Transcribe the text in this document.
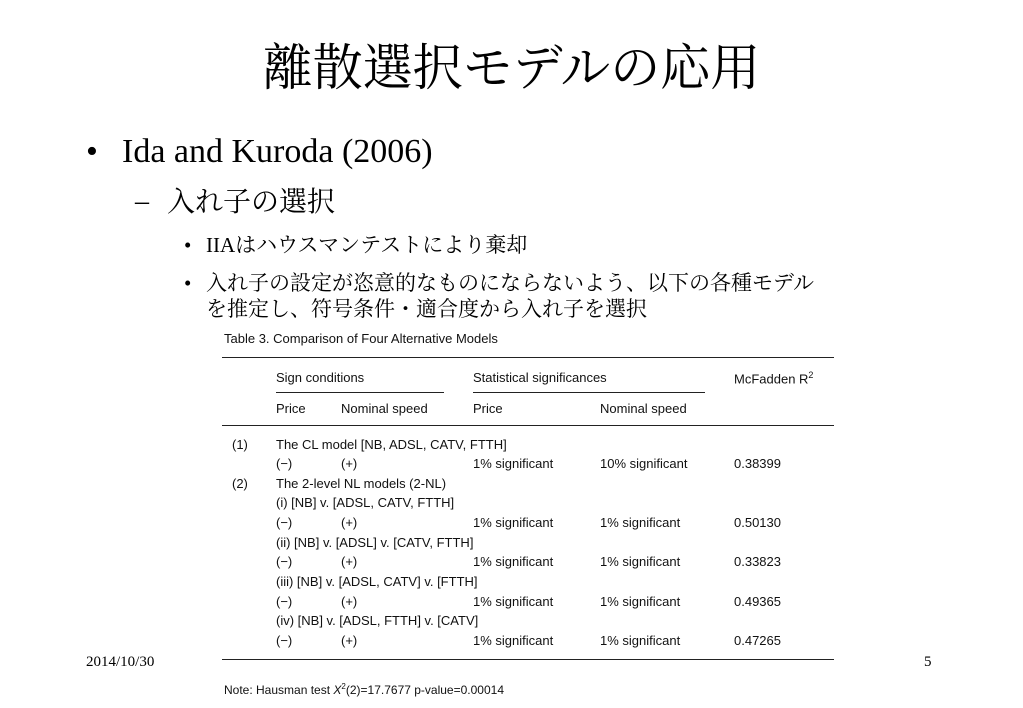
離散選択モデルの応用
• Ida and Kuroda (2006)
– 入れ子の選択
• IIAはハウスマンテストにより棄却
• 入れ子の設定が恣意的なものにならないよう、以下の各種モデル
を推定し、符号条件・適合度から入れ子を選択
Table 3. Comparison of Four Alternative Models
Sign conditions	Statistical significances	McFadden $R^2$
Price	Nominal speed	Price	Nominal speed
(1) The CL model [NB, ADSL, CATV, FTTH]
(−)	(+)	1% significant	10% significant	0.38399
(2) The 2-level NL models (2-NL)
(i) [NB] v. [ADSL, CATV, FTTH]
(−)	(+)	1% significant	1% significant	0.50130
(ii) [NB] v. [ADSL] v. [CATV, FTTH]
(−)	(+)	1% significant	1% significant	0.33823
(iii) [NB] v. [ADSL, CATV] v. [FTTH]
(−)	(+)	1% significant	1% significant	0.49365
(iv) [NB] v. [ADSL, FTTH] v. [CATV]
(−)	(+)	1% significant	1% significant	0.47265
Note: Hausman test $X^2(2)=17.7677$ p-value=0.00014
2014/10/30	5
